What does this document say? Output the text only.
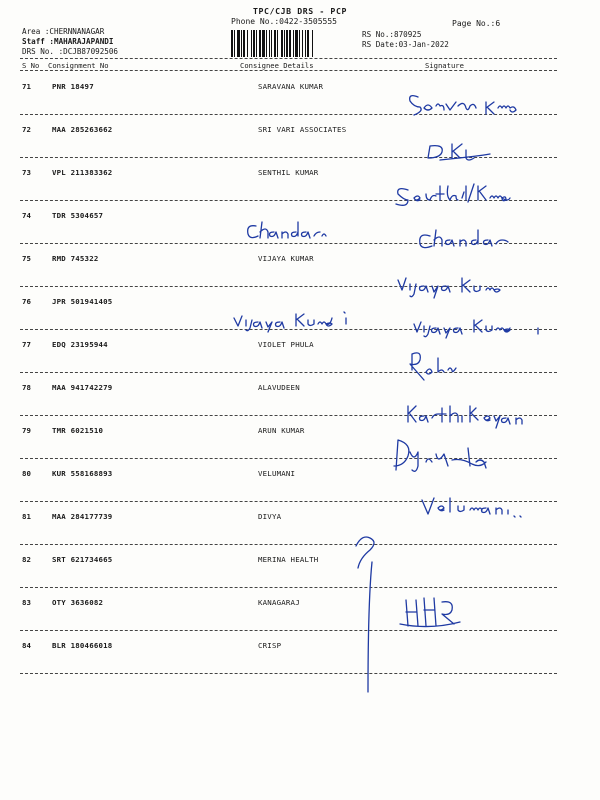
TPC/CJB DRS - PCP
Phone No.:0422-3505555	Page No.:6
Area :CHERNNANAGAR
Staff :MAHARAJAPANDI
DRS No. :DCJB87092506
RS No.:870925
RS Date:03-Jan-2022
S No Consignment No	Consignee Details	Signature
71	PNR 18497	SARAVANA KUMAR
72	MAA 285263662	SRI VARI ASSOCIATES
73	VPL 211383362	SENTHIL KUMAR
74	TDR 5304657
75	RMD 745322	VIJAYA KUMAR
76	JPR 501941405
77	EDQ 23195944	VIOLET PHULA
78	MAA 941742279	ALAVUDEEN
79	TMR 6021510	ARUN KUMAR
80	KUR 558168893	VELUMANI
81	MAA 284177739	DIVYA
82	SRT 621734665	MERINA HEALTH
83	OTY 3636082	KANAGARAJ
84	BLR 180466018	CRISP
